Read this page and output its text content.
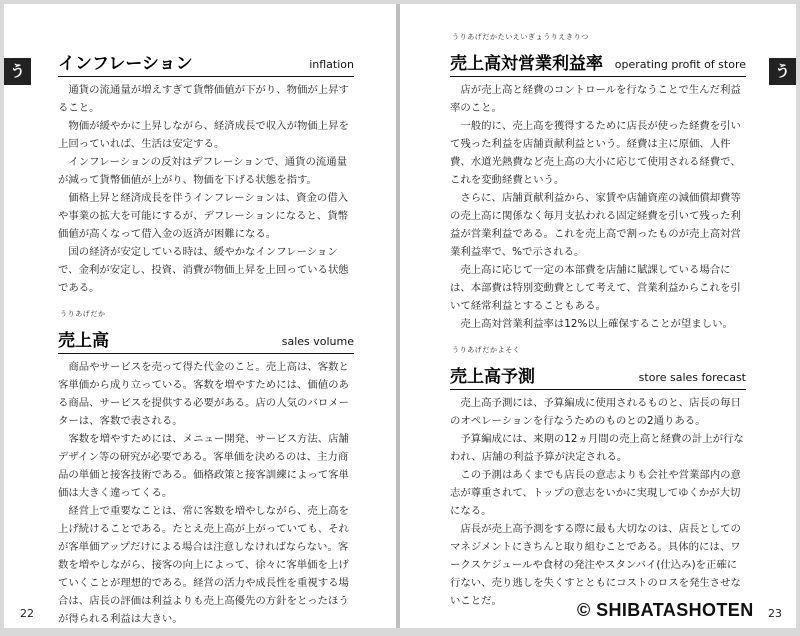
う	インフレーション	inflation

通貨の流通量が増えすぎて貨幣価値が下がり、物価が上昇すること。

物価が緩やかに上昇しながら、経済成長で収入が物価上昇を上回っていれば、生活は安定する。

インフレーションの反対はデフレーションで、通貨の流通量が減って貨幣価値が上がり、物価を下げる状態を指す。

価格上昇と経済成長を伴うインフレーションは、資金の借入や事業の拡大を可能にするが、デフレーションになると、貨幣価値が高くなって借入金の返済が困難になる。

国の経済が安定している時は、緩やかなインフレーションで、金利が安定し、投資、消費が物価上昇を上回っている状態である。

うりあげだか
売上高	sales volume

商品やサービスを売って得た代金のこと。売上高は、客数と客単価から成り立っている。客数を増やすためには、価値のある商品、サービスを提供する必要がある。店の人気のバロメーターは、客数で表される。

客数を増やすためには、メニュー開発、サービス方法、店舗デザイン等の研究が必要である。客単価を決めるのは、主力商品の単価と接客技術である。価格政策と接客訓練によって客単価は大きく違ってくる。

経営上で重要なことは、常に客数を増やしながら、売上高を上げ続けることである。たとえ売上高が上がっていても、それが客単価アップだけによる場合は注意しなければならない。客数を増やしながら、接客の向上によって、徐々に客単価を上げていくことが理想的である。経営の活力や成長性を重視する場合は、店長の評価は利益よりも売上高優先の方針をとったほうが得られる利益は大きい。

22
う
うりあげだかたいえいぎょうりえきりつ
売上高対営業利益率 operating profit of store

店が売上高と経費のコントロールを行なうことで生んだ利益率のこと。

一般的に、売上高を獲得するために店長が使った経費を引いて残った利益を店舗貢献利益という。経費は主に原価、人件費、水道光熱費など売上高の大小に応じて使用される経費で、これを変動経費という。

さらに、店舗貢献利益から、家賃や店舗資産の減価償却費等の売上高に関係なく毎月支払われる固定経費を引いて残った利益が営業利益である。これを売上高で割ったものが売上高対営業利益率で、%で示される。

売上高に応じて一定の本部費を店舗に賦課している場合には、本部費は特別変動費として考えて、営業利益からこれを引いて経常利益とすることもある。

売上高対営業利益率は12%以上確保することが望ましい。

うりあげだかよそく
売上高予測	store sales forecast

売上高予測には、予算編成に使用されるものと、店長の毎日のオペレーションを行なうためのものとの2通りある。

予算編成には、来期の12ヵ月間の売上高と経費の計上が行なわれ、店舗の利益予算が決定される。

この予測はあくまでも店長の意志よりも会社や営業部内の意志が尊重されて、トップの意志をいかに実現してゆくかが大切になる。

店長が売上高予測をする際に最も大切なのは、店長としてのマネジメントにきちんと取り組むことである。具体的には、ワークスケジュールや食材の発注やスタンバイ(仕込み)を正確に行ない、売り逃しを失くすとともにコストのロスを発生させないことだ。

23
© SHIBATASHOTEN
